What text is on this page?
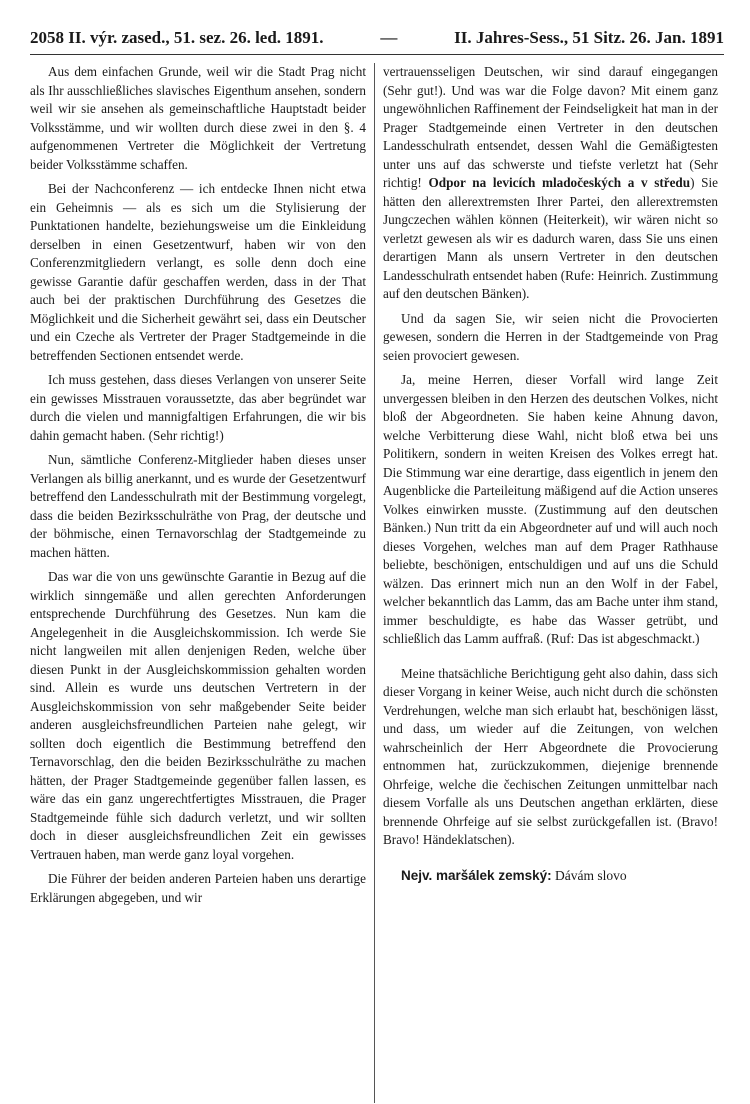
2058 II. výr. zased., 51. sez. 26. led. 1891.	—	II. Jahres-Sess., 51 Sitz. 26. Jan. 1891

Aus dem einfachen Grunde, weil wir die Stadt Prag nicht als Ihr ausschließliches slavisches Eigenthum ansehen, sondern weil wir sie ansehen als gemeinschaftliche Hauptstadt beider Volksstämme, und wir wollten durch diese zwei in den §. 4 aufgenommenen Vertreter die Möglichkeit der Vertretung beider Volksstämme schaffen.

Bei der Nachconferenz — ich entdecke Ihnen nicht etwa ein Geheimnis — als es sich um die Stylisierung der Punktationen handelte, beziehungsweise um die Einkleidung derselben in einen Gesetzentwurf, haben wir von den Conferenzmitgliedern verlangt, es solle denn doch eine gewisse Garantie dafür geschaffen werden, dass in der That auch bei der praktischen Durchführung des Gesetzes die Möglichkeit und die Sicherheit gewährt sei, dass ein Deutscher und ein Czeche als Vertreter der Prager Stadtgemeinde in die betreffenden Sectionen entsendet werde.

Ich muss gestehen, dass dieses Verlangen von unserer Seite ein gewisses Misstrauen voraussetzte, das aber begründet war durch die vielen und mannigfaltigen Erfahrungen, die wir bis dahin gemacht haben. (Sehr richtig!)

Nun, sämtliche Conferenz-Mitglieder haben dieses unser Verlangen als billig anerkannt, und es wurde der Gesetzentwurf betreffend den Landesschulrath mit der Bestimmung vorgelegt, dass die beiden Bezirksschulräthe von Prag, der deutsche und der böhmische, einen Ternavorschlag der Stadtgemeinde zu machen hätten.

Das war die von uns gewünschte Garantie in Bezug auf die wirklich sinngemäße und allen gerechten Anforderungen entsprechende Durchführung des Gesetzes. Nun kam die Angelegenheit in die Ausgleichskommission. Ich werde Sie nicht langweilen mit allen denjenigen Reden, welche über diesen Punkt in der Ausgleichskommission gehalten worden sind. Allein es wurde uns deutschen Vertretern in der Ausgleichskommission von sehr maßgebender Seite beider anderen ausgleichsfreundlichen Parteien nahe gelegt, wir sollten doch eigentlich die Bestimmung betreffend den Ternavorschlag, den die beiden Bezirksschulräthe zu machen hätten, der Prager Stadtgemeinde gegenüber fallen lassen, es wäre das ein ganz ungerechtfertigtes Misstrauen, die Prager Stadtgemeinde fühle sich dadurch verletzt, und wir sollten doch in dieser ausgleichsfreundlichen Zeit ein gewisses Vertrauen haben, man werde ganz loyal vorgehen.

Die Führer der beiden anderen Parteien haben uns derartige Erklärungen abgegeben, und wir

vertrauensseligen Deutschen, wir sind darauf eingegangen (Sehr gut!). Und was war die Folge davon? Mit einem ganz ungewöhnlichen Raffinement der Feindseligkeit hat man in der Prager Stadtgemeinde einen Vertreter in den deutschen Landesschulrath entsendet, dessen Wahl die Gemäßigtesten unter uns auf das schwerste und tiefste verletzt hat (Sehr richtig! Odpor na levicích mladočeských a v středu) Sie hätten den allerextremsten Ihrer Partei, den allerextremsten Jungczechen wählen können (Heiterkeit), wir wären nicht so verletzt gewesen als wir es dadurch waren, dass Sie uns einen derartigen Mann als unsern Vertreter in den deutschen Landesschulrath entsendet haben (Rufe: Heinrich. Zustimmung auf den deutschen Bänken).

Und da sagen Sie, wir seien nicht die Provocierten gewesen, sondern die Herren in der Stadtgemeinde von Prag seien provociert gewesen.

Ja, meine Herren, dieser Vorfall wird lange Zeit unvergessen bleiben in den Herzen des deutschen Volkes, nicht bloß der Abgeordneten. Sie haben keine Ahnung davon, welche Verbitterung diese Wahl, nicht bloß etwa bei uns Politikern, sondern in weiten Kreisen des Volkes erregt hat. Die Stimmung war eine derartige, dass eigentlich in jenem den Augenblicke die Parteileitung mäßigend auf die Action unseres Volkes einwirken musste. (Zustimmung auf den deutschen Bänken.) Nun tritt da ein Abgeordneter auf und will auch noch dieses Vorgehen, welches man auf dem Prager Rathhause beliebte, beschönigen, entschuldigen und auf uns die Schuld wälzen. Das erinnert mich nun an den Wolf in der Fabel, welcher bekanntlich das Lamm, das am Bache unter ihm stand, immer beschuldigte, es habe das Wasser getrübt, und schließlich das Lamm auffraß. (Ruf: Das ist abgeschmackt.)

Meine thatsächliche Berichtigung geht also dahin, dass sich dieser Vorgang in keiner Weise, auch nicht durch die schönsten Verdrehungen, welche man sich erlaubt hat, beschönigen lässt, und dass, um wieder auf die Zeitungen, von welchen wahrscheinlich der Herr Abgeordnete die Provocierung entnommen hat, zurückzukommen, diejenige brennende Ohrfeige, welche die čechischen Zeitungen unmittelbar nach diesem Vorfalle als uns Deutschen angethan erklärten, diese brennende Ohrfeige auf sie selbst zurückgefallen ist. (Bravo! Bravo! Händeklatschen).

Nejv. maršálek zemský: Dávám slovo
